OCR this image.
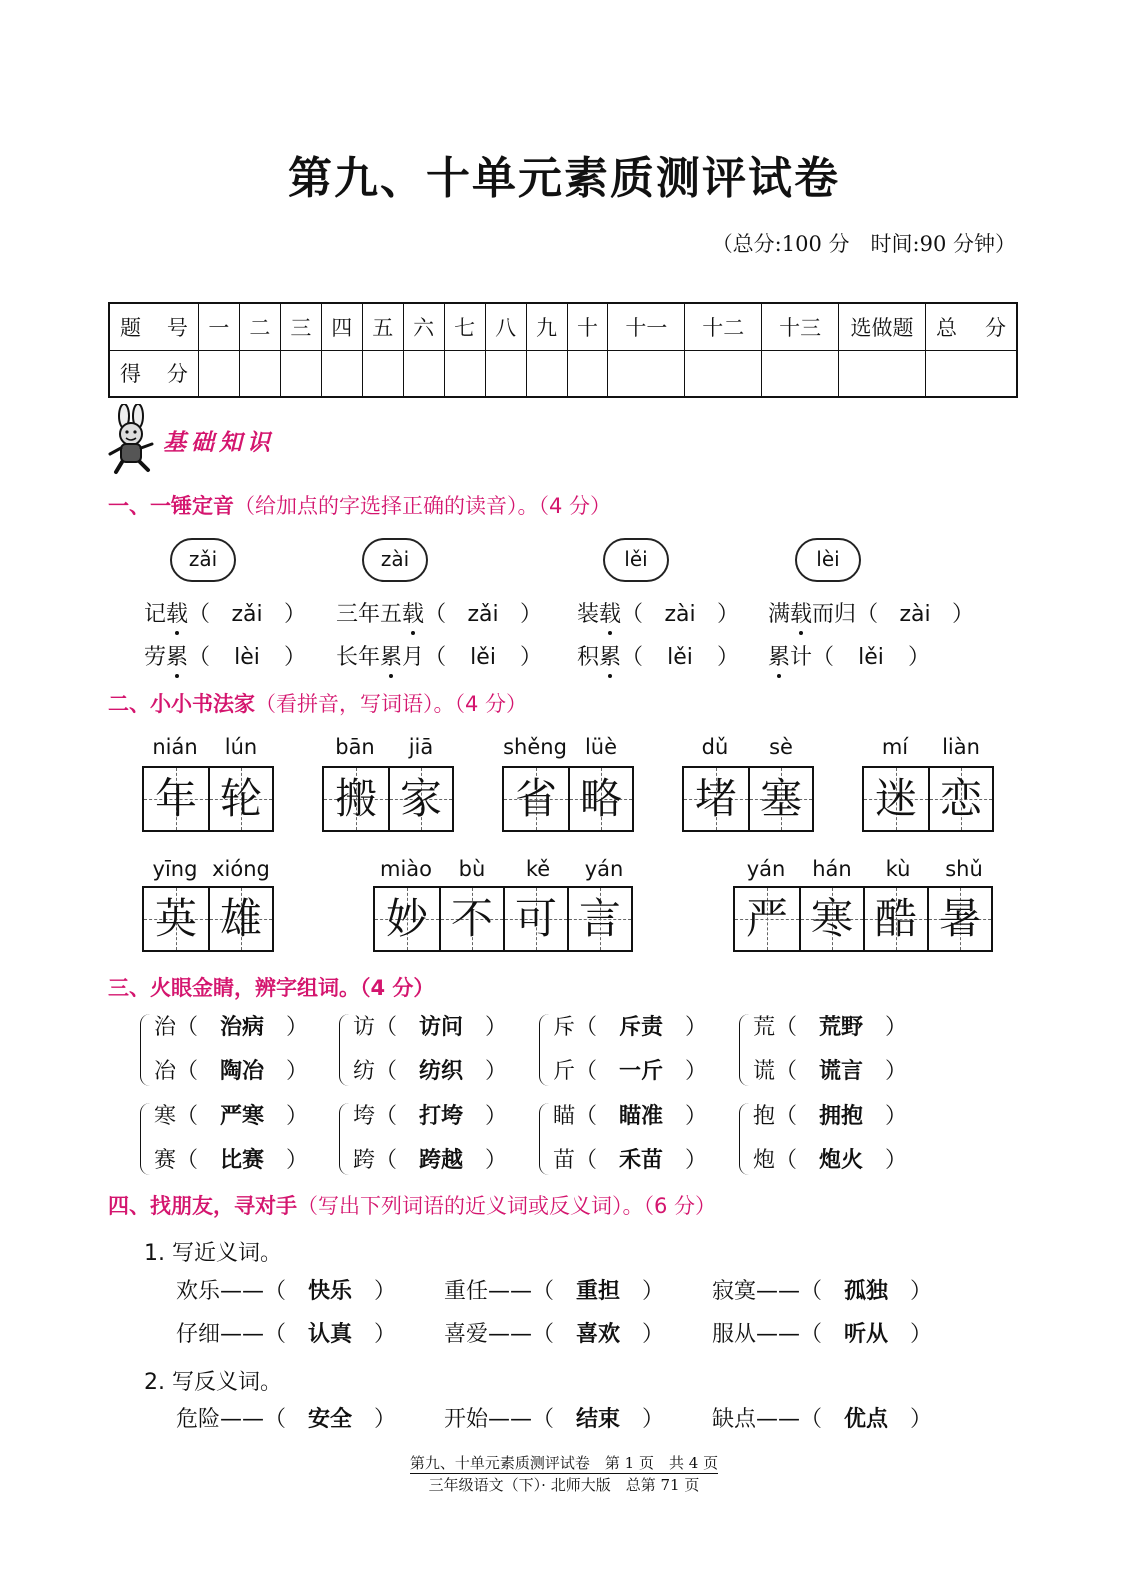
第九、十单元素质测评试卷
（总分:100 分　时间:90 分钟）
题　号	一	二	三	四	五	六	七	八	九	十	十一	十二	十三	选做题	总　分
得　分															
基础知识
一、一锤定音（给加点的字选择正确的读音）。（4 分）
zǎi	zài	lěi	lèi
记载（ zǎi ） 三年五载（ zǎi ） 装载（ zài ） 满载而归（ zài ）
劳累（ lèi ） 长年累月（ lěi ） 积累（ lěi ） 累计（ lěi ）
二、小小书法家（看拼音，写词语）。（4 分）
nián	lún
年 轮
bān	jiā
搬 家
shěng lüè
省 略
dǔ	sè
堵 塞
mí	liàn
迷 恋
yīng xióng
英 雄
miào	bù	kě	yán
妙 不 可 言
yán	hán	kù	shǔ
严 寒 酷 暑
三、火眼金睛，辨字组词。（4 分）
治（ 治病 ）
冶（ 陶冶 ）
访（ 访问 ）
纺（ 纺织 ）
斥（ 斥责 ）
斤（ 一斤 ）
荒（ 荒野 ）
谎（ 谎言 ）
寒（ 严寒 ）
赛（ 比赛 ）
垮（ 打垮 ）
跨（ 跨越 ）
瞄（ 瞄准 ）
苗（ 禾苗 ）
抱（ 拥抱 ）
炮（ 炮火 ）
四、找朋友，寻对手（写出下列词语的近义词或反义词）。（6 分）
1. 写近义词。
2. 写反义词。
欢乐——（ 快乐 ） 重任——（ 重担 ） 寂寞——（ 孤独 ）
仔细——（ 认真 ） 喜爱——（ 喜欢 ） 服从——（ 听从 ）
危险——（ 安全 ） 开始——（ 结束 ） 缺点——（ 优点 ）
第九、十单元素质测评试卷　第 1 页　共 4 页
三年级语文（下）· 北师大版　总第 71 页
